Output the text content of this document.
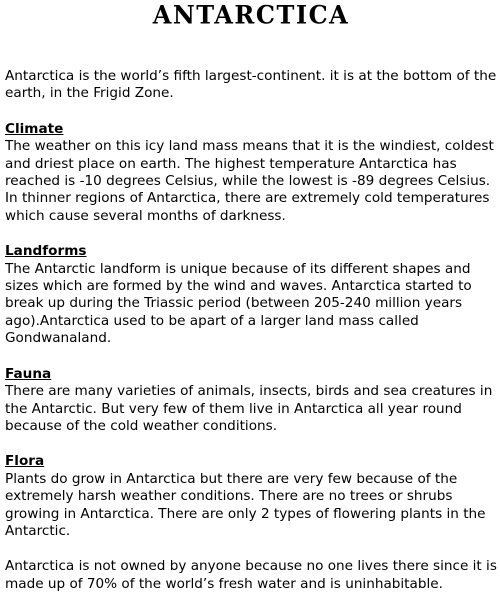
ANTARCTICA

Antarctica is the world’s fifth largest-continent. it is at the bottom of the earth, in the Frigid Zone.

Climate

The weather on this icy land mass means that it is the windiest, coldest and driest place on earth. The highest temperature Antarctica has reached is -10 degrees Celsius, while the lowest is -89 degrees Celsius. In thinner regions of Antarctica, there are extremely cold temperatures which cause several months of darkness.

Landforms

The Antarctic landform is unique because of its different shapes and sizes which are formed by the wind and waves. Antarctica started to break up during the Triassic period (between 205-240 million years ago).Antarctica used to be apart of a larger land mass called Gondwanaland.

Fauna

There are many varieties of animals, insects, birds and sea creatures in the Antarctic. But very few of them live in Antarctica all year round because of the cold weather conditions.

Flora

Plants do grow in Antarctica but there are very few because of the extremely harsh weather conditions. There are no trees or shrubs growing in Antarctica. There are only 2 types of flowering plants in the Antarctic.

Antarctica is not owned by anyone because no one lives there since it is made up of 70% of the world’s fresh water and is uninhabitable.
